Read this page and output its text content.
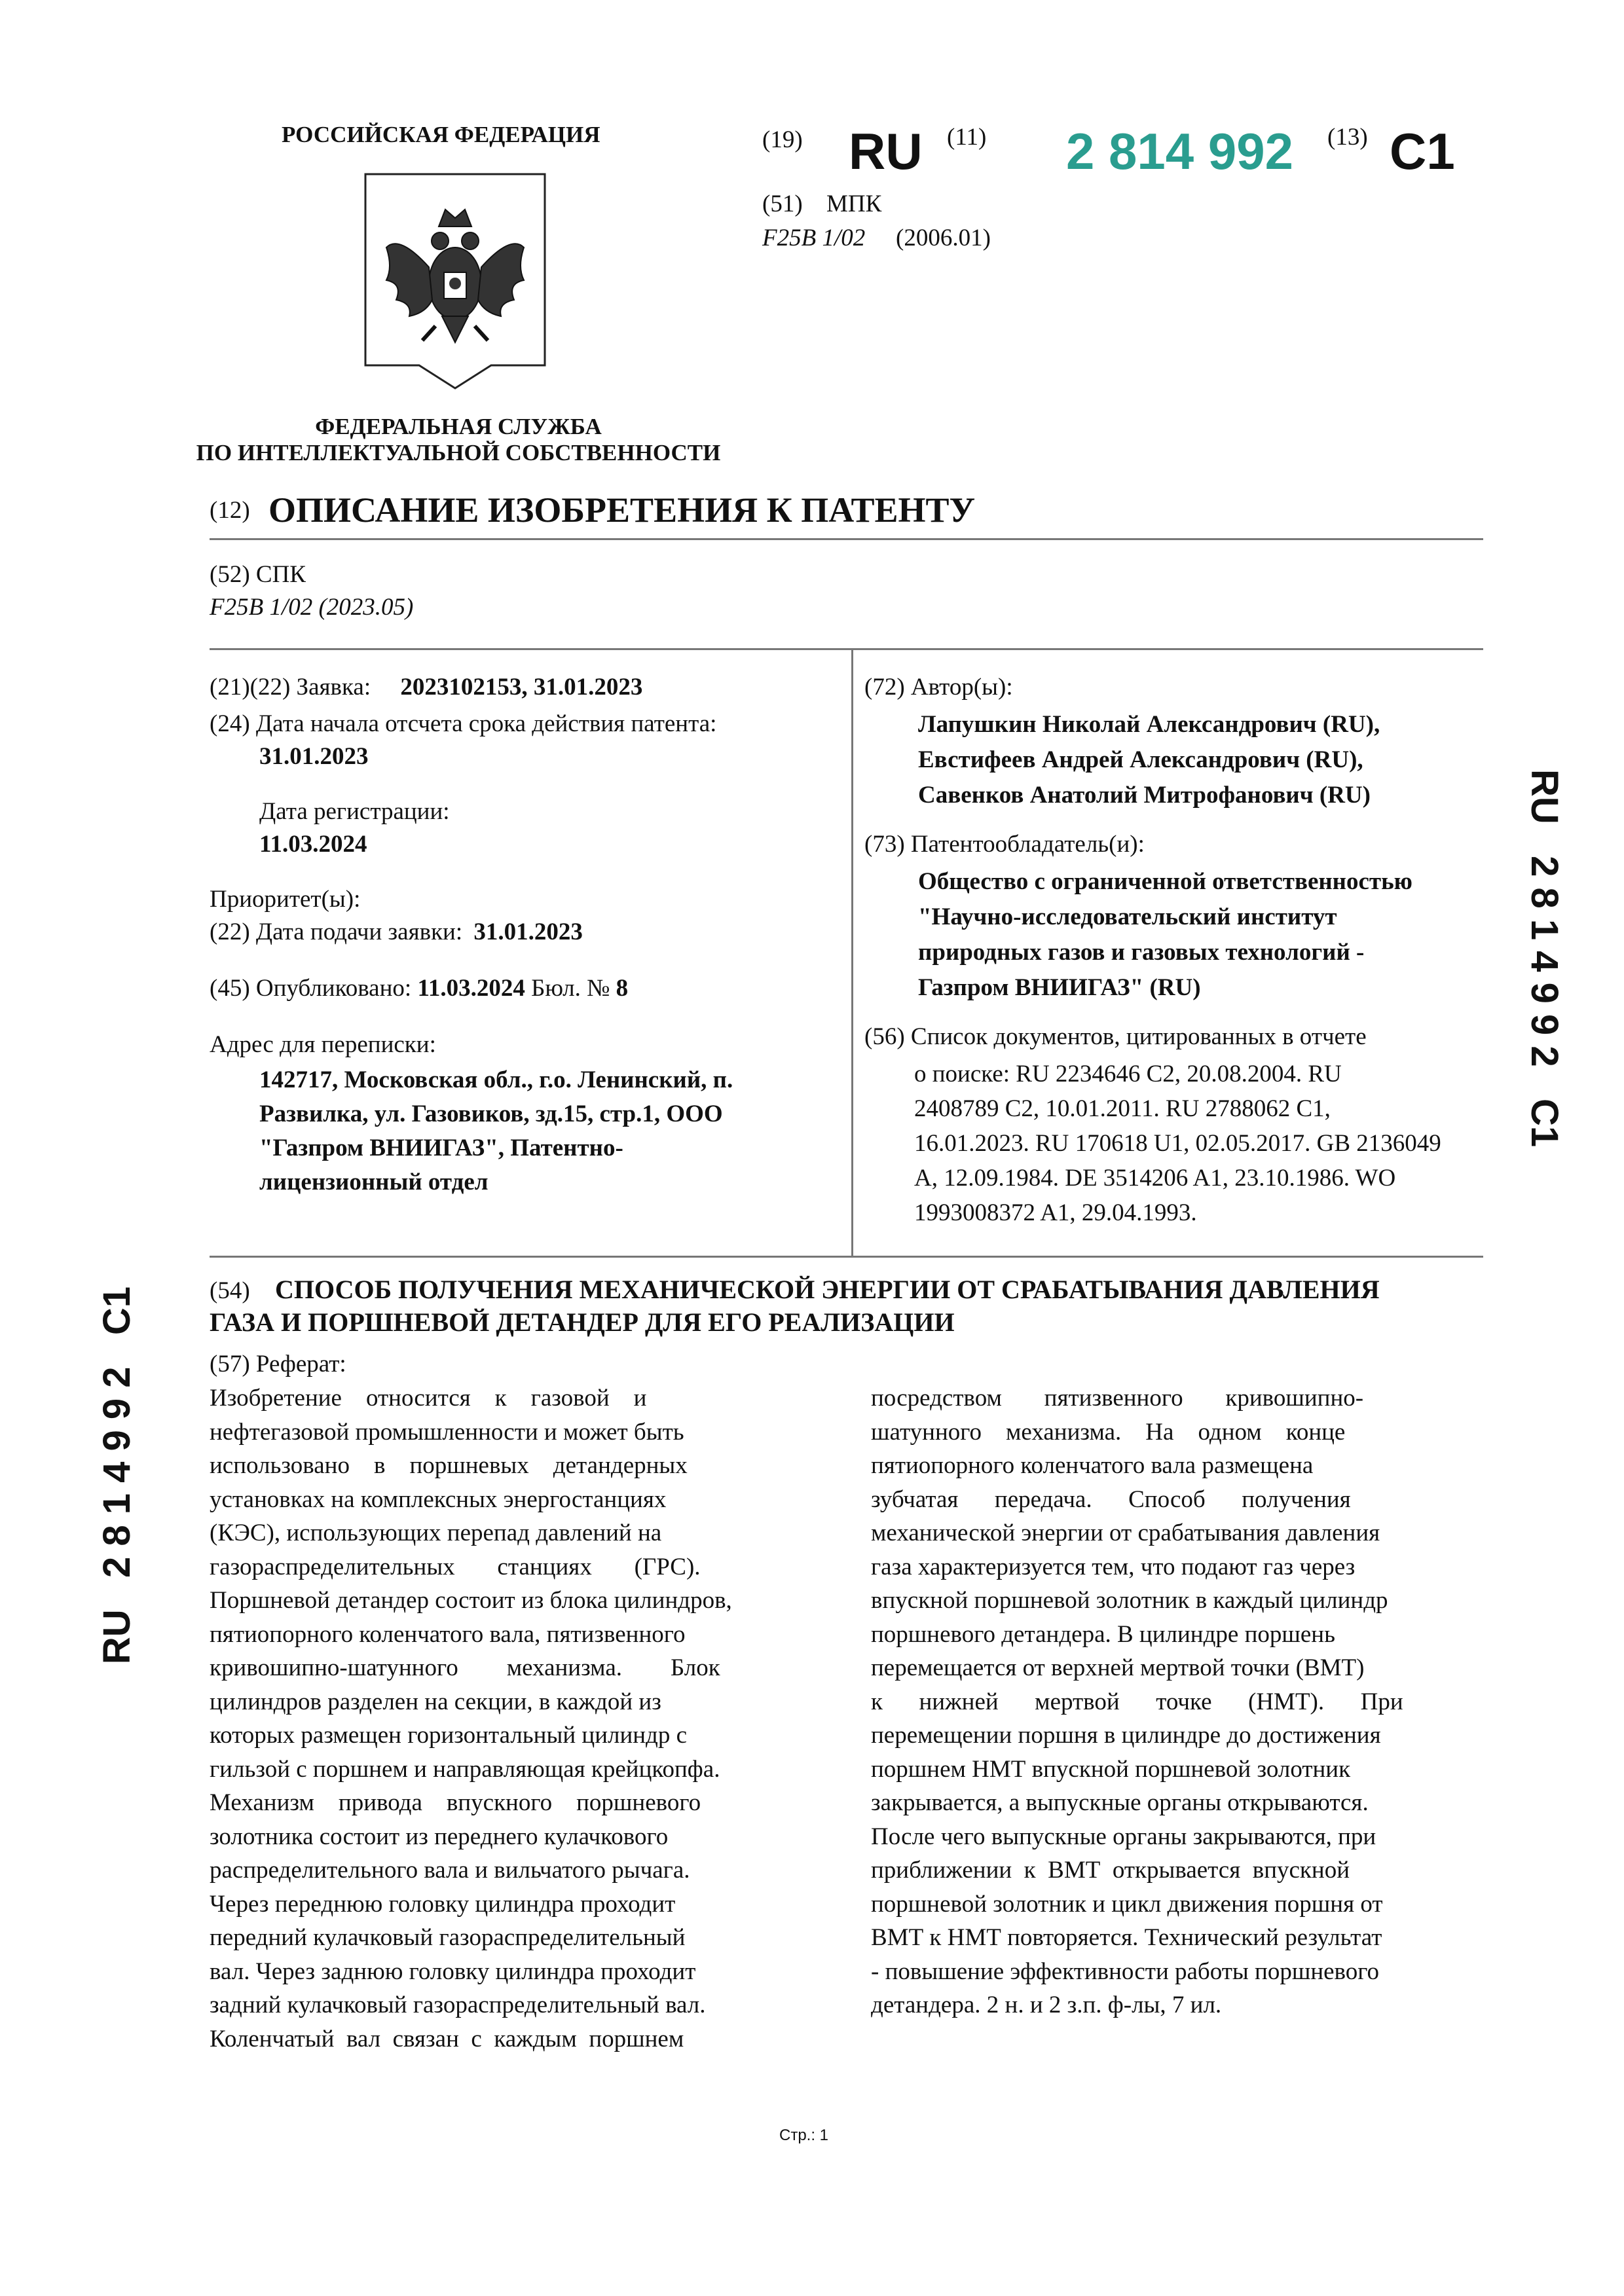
РОССИЙСКАЯ ФЕДЕРАЦИЯ
ФЕДЕРАЛЬНАЯ СЛУЖБА
ПО ИНТЕЛЛЕКТУАЛЬНОЙ СОБСТВЕННОСТИ
(19) RU (11) 2 814 992 (13) C1
(51) МПК
F25B 1/02 (2006.01)
(12) ОПИСАНИЕ ИЗОБРЕТЕНИЯ К ПАТЕНТУ
(52) СПК
F25B 1/02 (2023.05)
(21)(22) Заявка: 2023102153, 31.01.2023
(24) Дата начала отсчета срока действия патента:
31.01.2023
Дата регистрации:
11.03.2024
Приоритет(ы):
(22) Дата подачи заявки: 31.01.2023
(45) Опубликовано: 11.03.2024 Бюл. № 8
Адрес для переписки:
142717, Московская обл., г.о. Ленинский, п.
Развилка, ул. Газовиков, зд.15, стр.1, ООО
"Газпром ВНИИГАЗ", Патентно-
лицензионный отдел
(72) Автор(ы):
Лапушкин Николай Александрович (RU),
Евстифеев Андрей Александрович (RU),
Савенков Анатолий Митрофанович (RU)
(73) Патентообладатель(и):
Общество с ограниченной ответственностью
"Научно-исследовательский институт
природных газов и газовых технологий -
Газпром ВНИИГАЗ" (RU)
(56) Список документов, цитированных в отчете
о поиске: RU 2234646 C2, 20.08.2004. RU
2408789 C2, 10.01.2011. RU 2788062 C1,
16.01.2023. RU 170618 U1, 02.05.2017. GB 2136049
A, 12.09.1984. DE 3514206 A1, 23.10.1986. WO
1993008372 A1, 29.04.1993.
(54) СПОСОБ ПОЛУЧЕНИЯ МЕХАНИЧЕСКОЙ ЭНЕРГИИ ОТ СРАБАТЫВАНИЯ ДАВЛЕНИЯ
ГАЗА И ПОРШНЕВОЙ ДЕТАНДЕР ДЛЯ ЕГО РЕАЛИЗАЦИИ
(57) Реферат:
Изобретение    относится    к    газовой    и
нефтегазовой промышленности и может быть
использовано    в    поршневых    детандерных
установках на комплексных энергостанциях
(КЭС), использующих перепад давлений на
газораспределительных       станциях       (ГРС).
Поршневой детандер состоит из блока цилиндров,
пятиопорного коленчатого вала, пятизвенного
кривошипно-шатунного        механизма.        Блок
цилиндров разделен на секции, в каждой из
которых размещен горизонтальный цилиндр с
гильзой с поршнем и направляющая крейцкопфа.
Механизм    привода    впускного    поршневого
золотника состоит из переднего кулачкового
распределительного вала и вильчатого рычага.
Через переднюю головку цилиндра проходит
передний кулачковый газораспределительный
вал. Через заднюю головку цилиндра проходит
задний кулачковый газораспределительный вал.
Коленчатый  вал  связан  с  каждым  поршнем
посредством       пятизвенного       кривошипно-
шатунного    механизма.    На    одном    конце
пятиопорного коленчатого вала размещена
зубчатая      передача.      Способ      получения
механической энергии от срабатывания давления
газа характеризуется тем, что подают газ через
впускной поршневой золотник в каждый цилиндр
поршневого детандера. В цилиндре поршень
перемещается от верхней мертвой точки (ВМТ)
к      нижней      мертвой      точке      (НМТ).      При
перемещении поршня в цилиндре до достижения
поршнем НМТ впускной поршневой золотник
закрывается, а выпускные органы открываются.
После чего выпускные органы закрываются, при
приближении  к  ВМТ  открывается  впускной
поршневой золотник и цикл движения поршня от
ВМТ к НМТ повторяется. Технический результат
- повышение эффективности работы поршневого
детандера. 2 н. и 2 з.п. ф-лы, 7 ил.
RU   2 8 1 4 9 9 2   C1
RU   2 8 1 4 9 9 2   C1
Стр.: 1
